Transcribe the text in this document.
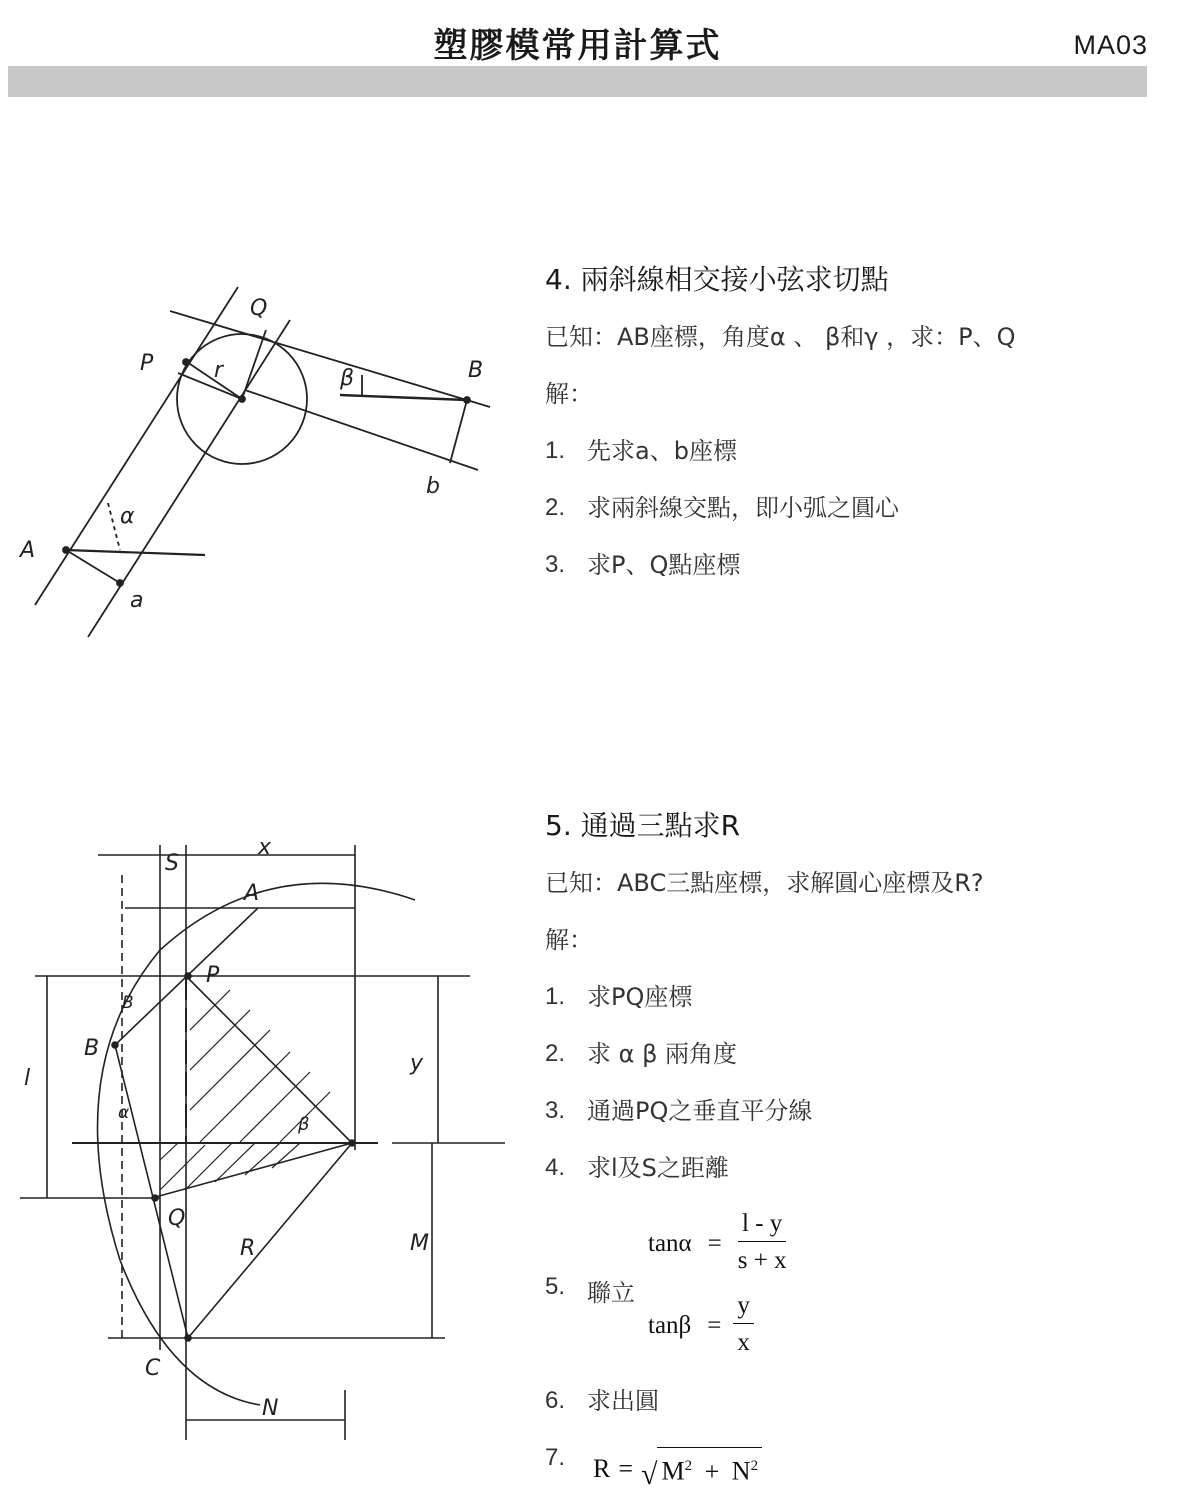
塑膠模常用計算式	MA03
Q
P	r	β	B
b
α
A
a
4. 兩斜線相交接小弦求切點
已知：AB座標，角度α 、 β和γ ，求：P、Q
解：
1. 先求a、b座標
2. 求兩斜線交點，即小弧之圓心
3. 求P、Q點座標
S
x
A
P
B
B
l
y
α
β
Q
R	M
C
N
5. 通過三點求R
已知：ABC三點座標，求解圓心座標及R?
解：
1. 求PQ座標
2. 求 α β 兩角度
3. 通過PQ之垂直平分線
4. 求l及S之距離
5. 聯立
$\tan\alpha = \frac{l - y}{s + x}$
$\tan\beta = \frac{y}{x}$
6. 求出圓
7.	R = √ $M^2 + N^2$
